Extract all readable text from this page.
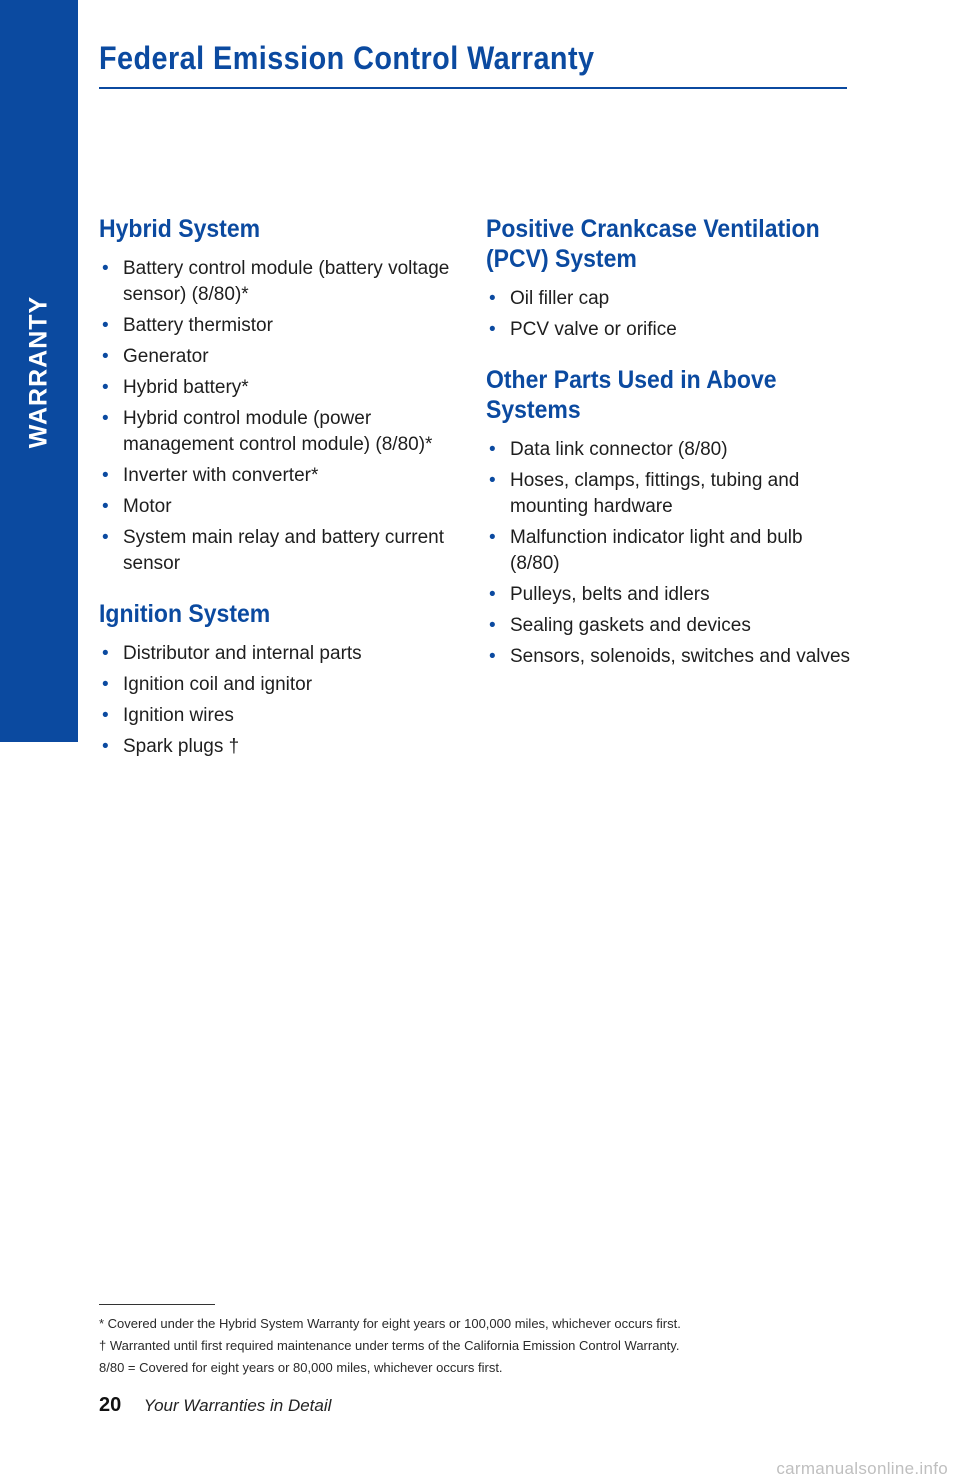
WARRANTY
Federal Emission Control Warranty
Hybrid System
• Battery control module (battery voltage sensor) (8/80)*
• Battery thermistor
• Generator
• Hybrid battery*
• Hybrid control module (power management control module) (8/80)*
• Inverter with converter*
• Motor
• System main relay and battery current sensor
Ignition System
• Distributor and internal parts
• Ignition coil and ignitor
• Ignition wires
• Spark plugs †
Positive Crankcase Ventilation (PCV) System
• Oil filler cap
• PCV valve or orifice
Other Parts Used in Above Systems
• Data link connector (8/80)
• Hoses, clamps, fittings, tubing and mounting hardware
• Malfunction indicator light and bulb (8/80)
• Pulleys, belts and idlers
• Sealing gaskets and devices
• Sensors, solenoids, switches and valves
* Covered under the Hybrid System Warranty for eight years or 100,000 miles, whichever occurs first.
† Warranted until first required maintenance under terms of the California Emission Control Warranty.
8/80 = Covered for eight years or 80,000 miles, whichever occurs first.
20 Your Warranties in Detail
carmanualsonline.info
